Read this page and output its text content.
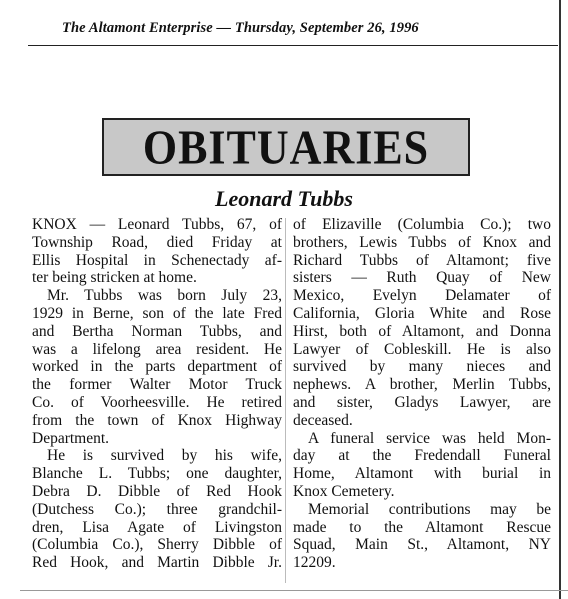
The Altamont Enterprise — Thursday, September 26, 1996
OBITUARIES
Leonard Tubbs
KNOX — Leonard Tubbs, 67, of
Township Road, died Friday at
Ellis Hospital in Schenectady af-
ter being stricken at home.
Mr. Tubbs was born July 23,
1929 in Berne, son of the late Fred
and Bertha Norman Tubbs, and
was a lifelong area resident. He
worked in the parts department of
the former Walter Motor Truck
Co. of Voorheesville. He retired
from the town of Knox Highway
Department.
He is survived by his wife,
Blanche L. Tubbs; one daughter,
Debra D. Dibble of Red Hook
(Dutchess Co.); three grandchil-
dren, Lisa Agate of Livingston
(Columbia Co.), Sherry Dibble of
Red Hook, and Martin Dibble Jr.
of Elizaville (Columbia Co.); two
brothers, Lewis Tubbs of Knox and
Richard Tubbs of Altamont; five
sisters — Ruth Quay of New
Mexico, Evelyn Delamater of
California, Gloria White and Rose
Hirst, both of Altamont, and Donna
Lawyer of Cobleskill. He is also
survived by many nieces and
nephews. A brother, Merlin Tubbs,
and sister, Gladys Lawyer, are
deceased.
A funeral service was held Mon-
day at the Fredendall Funeral
Home, Altamont with burial in
Knox Cemetery.
Memorial contributions may be
made to the Altamont Rescue
Squad, Main St., Altamont, NY
12209.
